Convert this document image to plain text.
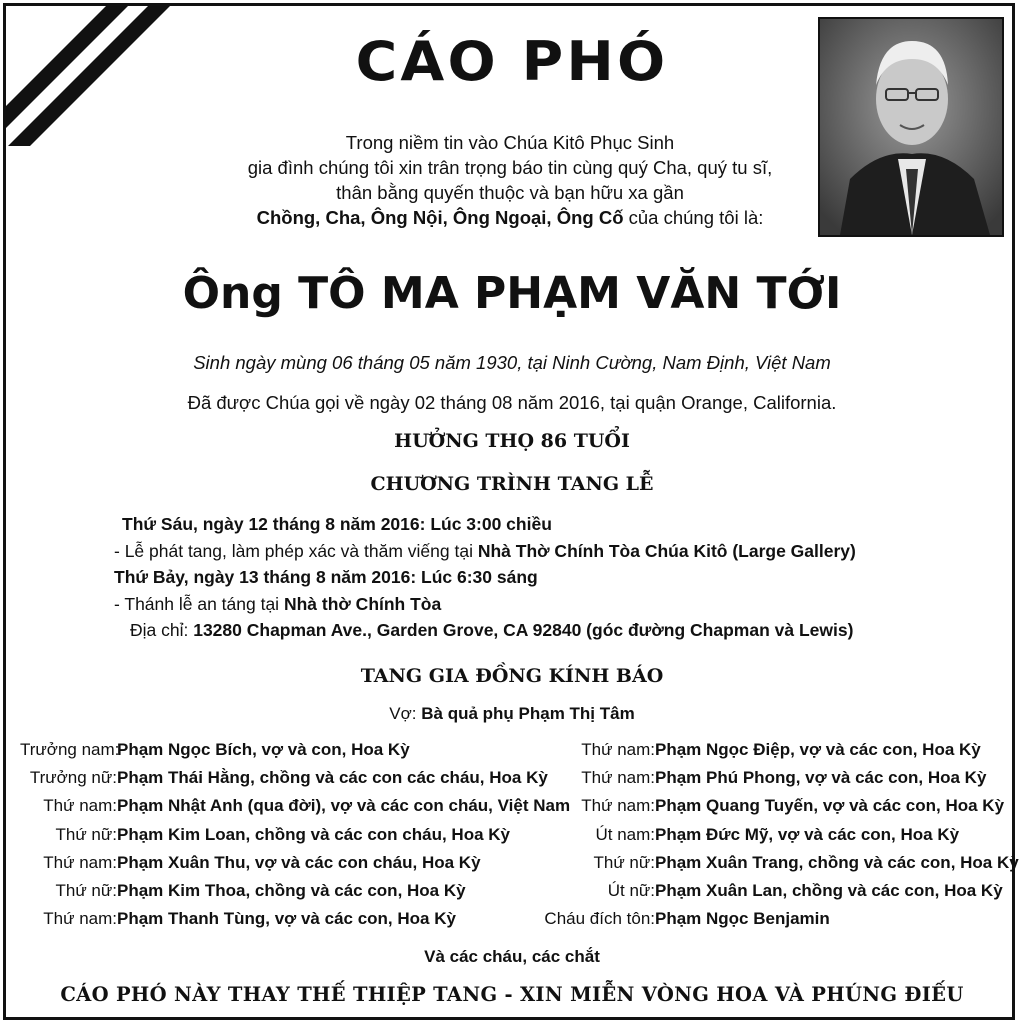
CÁO PHÓ
Trong niềm tin vào Chúa Kitô Phục Sinh
gia đình chúng tôi xin trân trọng báo tin cùng quý Cha, quý tu sĩ,
thân bằng quyến thuộc và bạn hữu xa gần
Chồng, Cha, Ông Nội, Ông Ngoại, Ông Cố của chúng tôi là:
Ông TÔ MA PHẠM VĂN TỚI
Sinh ngày mùng 06 tháng 05 năm 1930, tại Ninh Cường, Nam Định, Việt Nam
Đã được Chúa gọi về ngày 02 tháng 08 năm 2016, tại quận Orange, California.
HƯỞNG THỌ 86 TUỔI
CHƯƠNG TRÌNH TANG LỄ
Thứ Sáu, ngày 12 tháng 8 năm 2016: Lúc 3:00 chiều
- Lễ phát tang, làm phép xác và thăm viếng tại Nhà Thờ Chính Tòa Chúa Kitô (Large Gallery)
Thứ Bảy, ngày 13 tháng 8 năm 2016: Lúc 6:30 sáng
- Thánh lễ an táng tại Nhà thờ Chính Tòa
Địa chỉ: 13280 Chapman Ave., Garden Grove, CA 92840 (góc đường Chapman và Lewis)
TANG GIA ĐỒNG KÍNH BÁO
Vợ: Bà quả phụ Phạm Thị Tâm
Trưởng nam:Phạm Ngọc Bích, vợ và con, Hoa Kỳ
Trưởng nữ:Phạm Thái Hằng, chồng và các con các cháu, Hoa Kỳ
Thứ nam:Phạm Nhật Anh (qua đời), vợ và các con cháu, Việt Nam
Thứ nữ:Phạm Kim Loan, chồng và các con cháu, Hoa Kỳ
Thứ nam:Phạm Xuân Thu, vợ và các con cháu, Hoa Kỳ
Thứ nữ:Phạm Kim Thoa, chồng và các con, Hoa Kỳ
Thứ nam:Phạm Thanh Tùng, vợ và các con, Hoa Kỳ
Thứ nam:Phạm Ngọc Điệp, vợ và các con, Hoa Kỳ
Thứ nam:Phạm Phú Phong, vợ và các con, Hoa Kỳ
Thứ nam:Phạm Quang Tuyến, vợ và các con, Hoa Kỳ
Út nam:Phạm Đức Mỹ, vợ và các con, Hoa Kỳ
Thứ nữ:Phạm Xuân Trang, chồng và các con, Hoa Kỳ
Út nữ:Phạm Xuân Lan, chồng và các con, Hoa Kỳ
Cháu đích tôn:Phạm Ngọc Benjamin
Và các cháu, các chắt
CÁO PHÓ NÀY THAY THẾ THIỆP TANG - XIN MIỄN VÒNG HOA VÀ PHÚNG ĐIẾU
